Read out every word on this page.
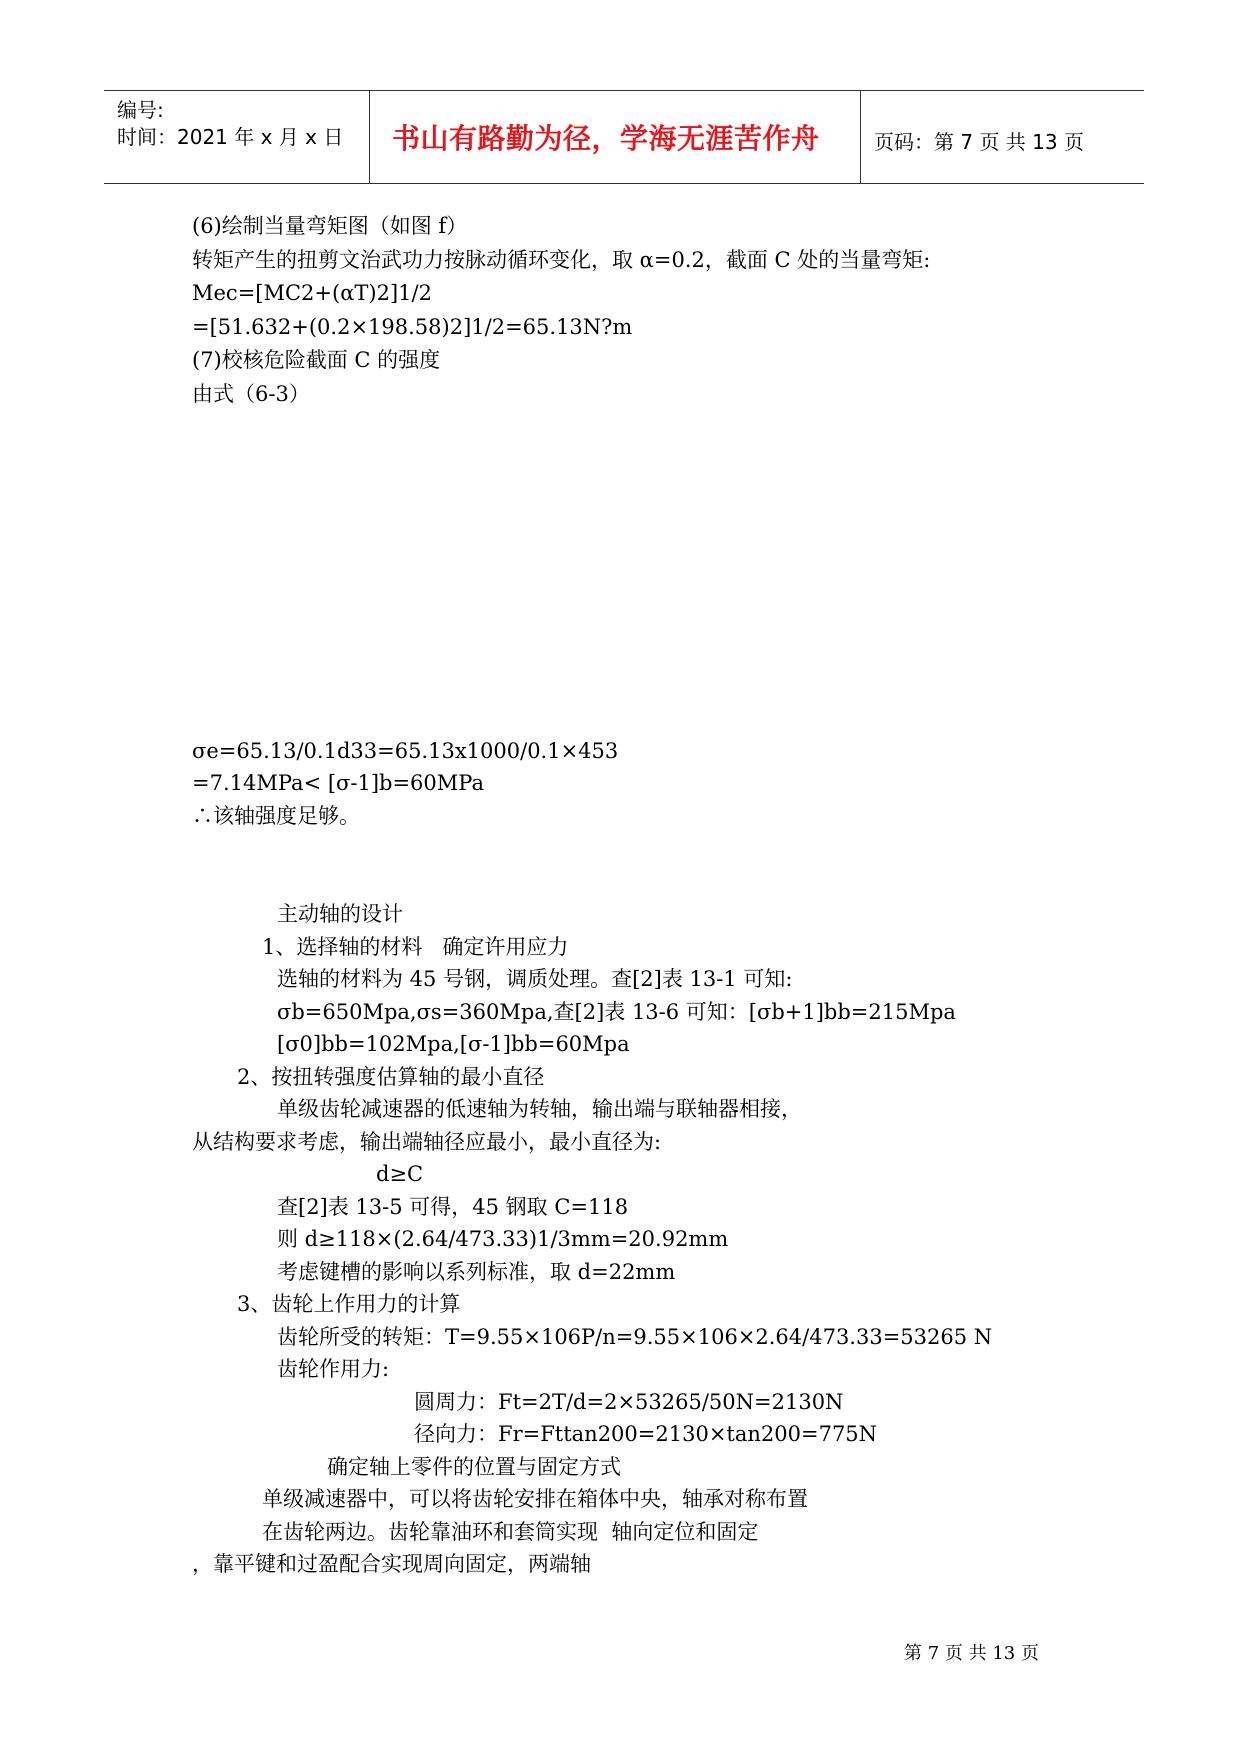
编号:
时间：2021 年 x 月 x 日 书山有路勤为径，学海无涯苦作舟	页码：第 7 页 共 13 页
(6)绘制当量弯矩图（如图 f）
转矩产生的扭剪文治武功力按脉动循环变化，取 α=0.2，截面 C 处的当量弯矩:
Mec=[MC2+(αT)2]1/2
=[51.632+(0.2×198.58)2]1/2=65.13N?m
(7)校核危险截面 C 的强度
由式（6-3）
σe=65.13/0.1d33=65.13x1000/0.1×453
=7.14MPa< [σ-1]b=60MPa
∴该轴强度足够。
主动轴的设计
1、选择轴的材料   确定许用应力
选轴的材料为 45 号钢，调质处理。查[2]表 13-1 可知:
σb=650Mpa,σs=360Mpa,查[2]表 13-6 可知：[σb+1]bb=215Mpa
[σ0]bb=102Mpa,[σ-1]bb=60Mpa
2、按扭转强度估算轴的最小直径
单级齿轮减速器的低速轴为转轴，输出端与联轴器相接，
从结构要求考虑，输出端轴径应最小，最小直径为:
d≥C
查[2]表 13-5 可得，45 钢取 C=118
则 d≥118×(2.64/473.33)1/3mm=20.92mm
考虑键槽的影响以系列标准，取 d=22mm
3、齿轮上作用力的计算
齿轮所受的转矩：T=9.55×106P/n=9.55×106×2.64/473.33=53265 N
齿轮作用力:
圆周力：Ft=2T/d=2×53265/50N=2130N
径向力：Fr=Fttan200=2130×tan200=775N
确定轴上零件的位置与固定方式
单级减速器中，可以将齿轮安排在箱体中央，轴承对称布置
在齿轮两边。齿轮靠油环和套筒实现  轴向定位和固定
，靠平键和过盈配合实现周向固定，两端轴
第 7 页 共 13 页
